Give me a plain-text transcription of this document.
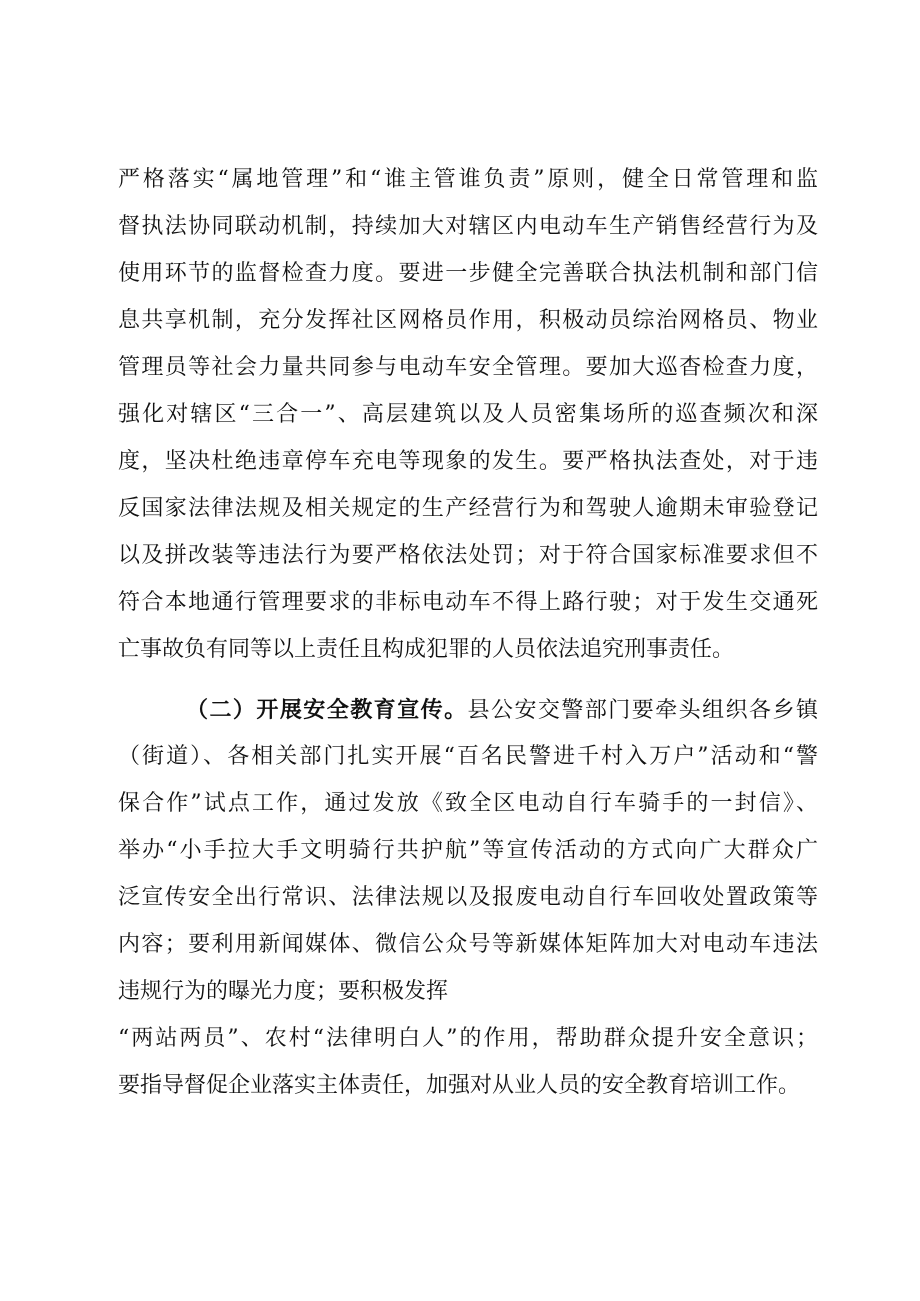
严格落实“属地管理”和“谁主管谁负责”原则，健全日常管理和监
督执法协同联动机制，持续加大对辖区内电动车生产销售经营行为及
使用环节的监督检查力度。要进一步健全完善联合执法机制和部门信
息共享机制，充分发挥社区网格员作用，积极动员综治网格员、物业
管理员等社会力量共同参与电动车安全管理。要加大巡杳检查力度，
强化对辖区“三合一”、高层建筑以及人员密集场所的巡查频次和深
度，坚决杜绝违章停车充电等现象的发生。要严格执法查处，对于违
反国家法律法规及相关规定的生产经营行为和驾驶人逾期未审验登记
以及拼改装等违法行为要严格依法处罚；对于符合国家标准要求但不
符合本地通行管理要求的非标电动车不得上路行驶；对于发生交通死
亡事故负有同等以上责任且构成犯罪的人员依法追究刑事责任。
（二）开展安全教育宣传。县公安交警部门要牵头组织各乡镇
（街道）、各相关部门扎实开展“百名民警进千村入万户”活动和“警
保合作”试点工作，通过发放《致全区电动自行车骑手的一封信》、
举办“小手拉大手文明骑行共护航”等宣传活动的方式向广大群众广
泛宣传安全出行常识、法律法规以及报废电动自行车回收处置政策等
内容；要利用新闻媒体、微信公众号等新媒体矩阵加大对电动车违法
违规行为的曝光力度；要积极发挥
“两站两员”、农村“法律明白人”的作用，帮助群众提升安全意识；
要指导督促企业落实主体责任，加强对从业人员的安全教育培训工作。
